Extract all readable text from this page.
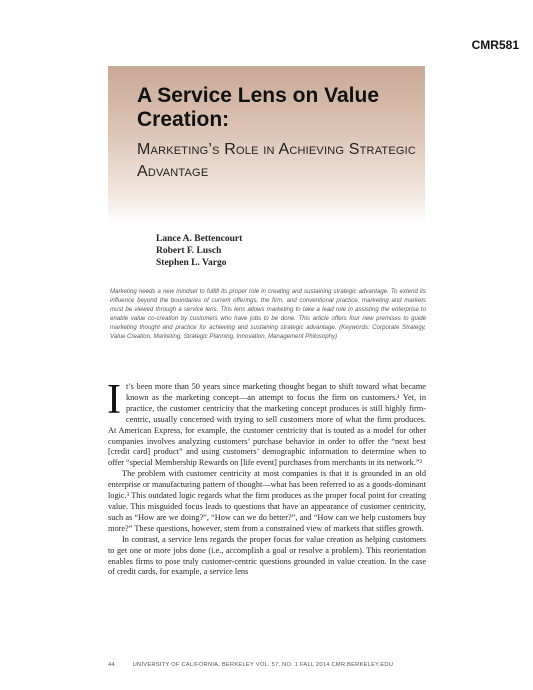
CMR581
A Service Lens on Value Creation:
Marketing’s Role in Achieving Strategic Advantage
Lance A. Bettencourt
Robert F. Lusch
Stephen L. Vargo
Marketing needs a new mindset to fulfill its proper role in creating and sustaining strategic advantage. To extend its influence beyond the boundaries of current offerings, the firm, and conventional practice, marketing and markets must be viewed through a service lens. This lens allows marketing to take a lead role in assisting the enterprise to enable value co-creation by customers who have jobs to be done. This article offers four new premises to guide marketing thought and practice for achieving and sustaining strategic advantage. (Keywords: Corporate Strategy, Value Creation, Marketing, Strategic Planning, Innovation, Management Philosophy)

It’s been more than 50 years since marketing thought began to shift toward what became known as the marketing concept—an attempt to focus the firm on customers.¹ Yet, in practice, the customer centricity that the marketing concept produces is still highly firm-centric, usually concerned with trying to sell customers more of what the firm produces. At American Express, for example, the customer centricity that is touted as a model for other companies involves analyzing customers’ purchase behavior in order to offer the “next best [credit card] product” and using customers’ demographic information to determine when to offer “special Membership Rewards on [life event] purchases from merchants in its network.”²

The problem with customer centricity at most companies is that it is grounded in an old enterprise or manufacturing pattern of thought—what has been referred to as a goods-dominant logic.³ This outdated logic regards what the firm produces as the proper focal point for creating value. This misguided focus leads to questions that have an appearance of customer centricity, such as “How are we doing?”, “How can we do better?”, and “How can we help customers buy more?” These questions, however, stem from a constrained view of markets that stifles growth.

In contrast, a service lens regards the proper focus for value creation as helping customers to get one or more jobs done (i.e., accomplish a goal or resolve a problem). This reorientation enables firms to pose truly customer-centric questions grounded in value creation. In the case of credit cards, for example, a service lens

44	UNIVERSITY OF CALIFORNIA, BERKELEY VOL. 57, NO. 1 FALL 2014 CMR.BERKELEY.EDU
